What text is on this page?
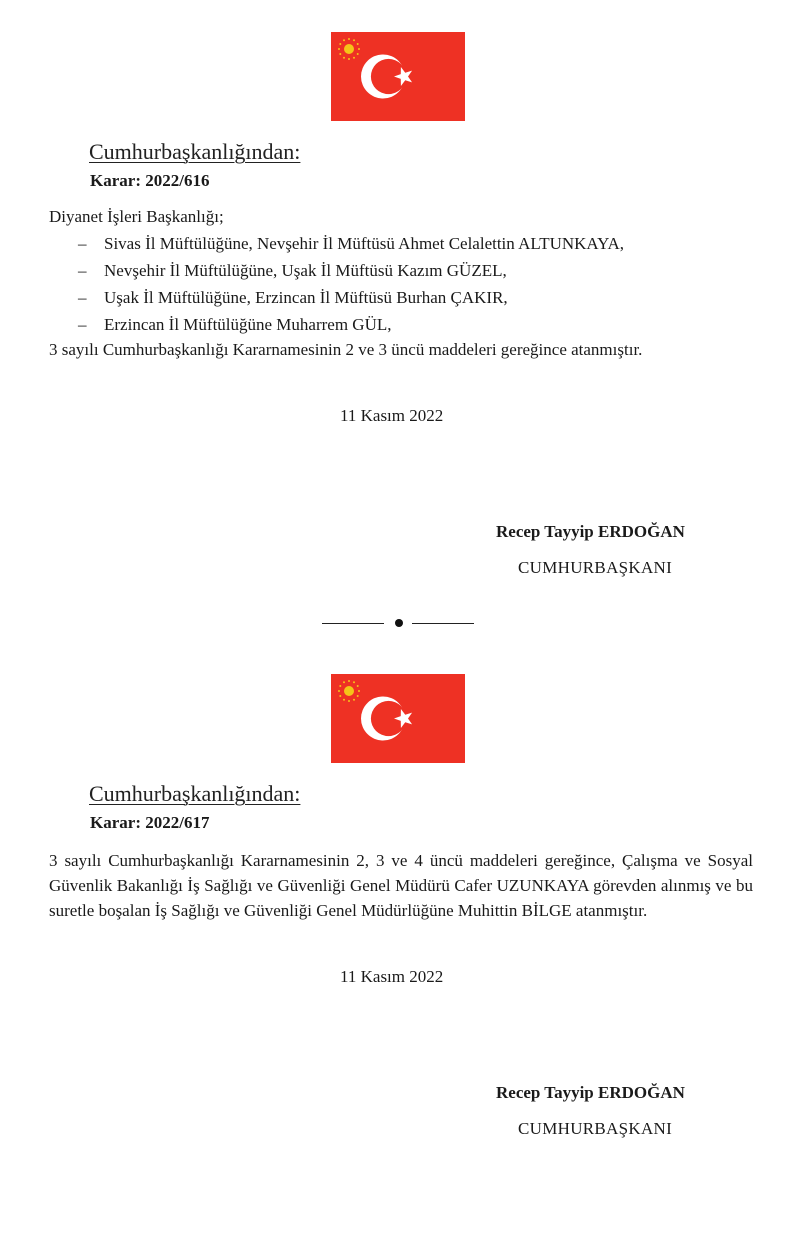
Cumhurbaşkanlığından:
Karar: 2022/616
Diyanet İşleri Başkanlığı;
– Sivas İl Müftülüğüne, Nevşehir İl Müftüsü Ahmet Celalettin ALTUNKAYA,
– Nevşehir İl Müftülüğüne, Uşak İl Müftüsü Kazım GÜZEL,
– Uşak İl Müftülüğüne, Erzincan İl Müftüsü Burhan ÇAKIR,
– Erzincan İl Müftülüğüne Muharrem GÜL,
3 sayılı Cumhurbaşkanlığı Kararnamesinin 2 ve 3 üncü maddeleri gereğince atanmıştır.
11 Kasım 2022
Recep Tayyip ERDOĞAN
CUMHURBAŞKANI
Cumhurbaşkanlığından:
Karar: 2022/617
3 sayılı Cumhurbaşkanlığı Kararnamesinin 2, 3 ve 4 üncü maddeleri gereğince, Çalışma ve Sosyal Güvenlik Bakanlığı İş Sağlığı ve Güvenliği Genel Müdürü Cafer UZUNKAYA görevden alınmış ve bu suretle boşalan İş Sağlığı ve Güvenliği Genel Müdürlüğüne Muhittin BİLGE atanmıştır.
11 Kasım 2022
Recep Tayyip ERDOĞAN
CUMHURBAŞKANI
